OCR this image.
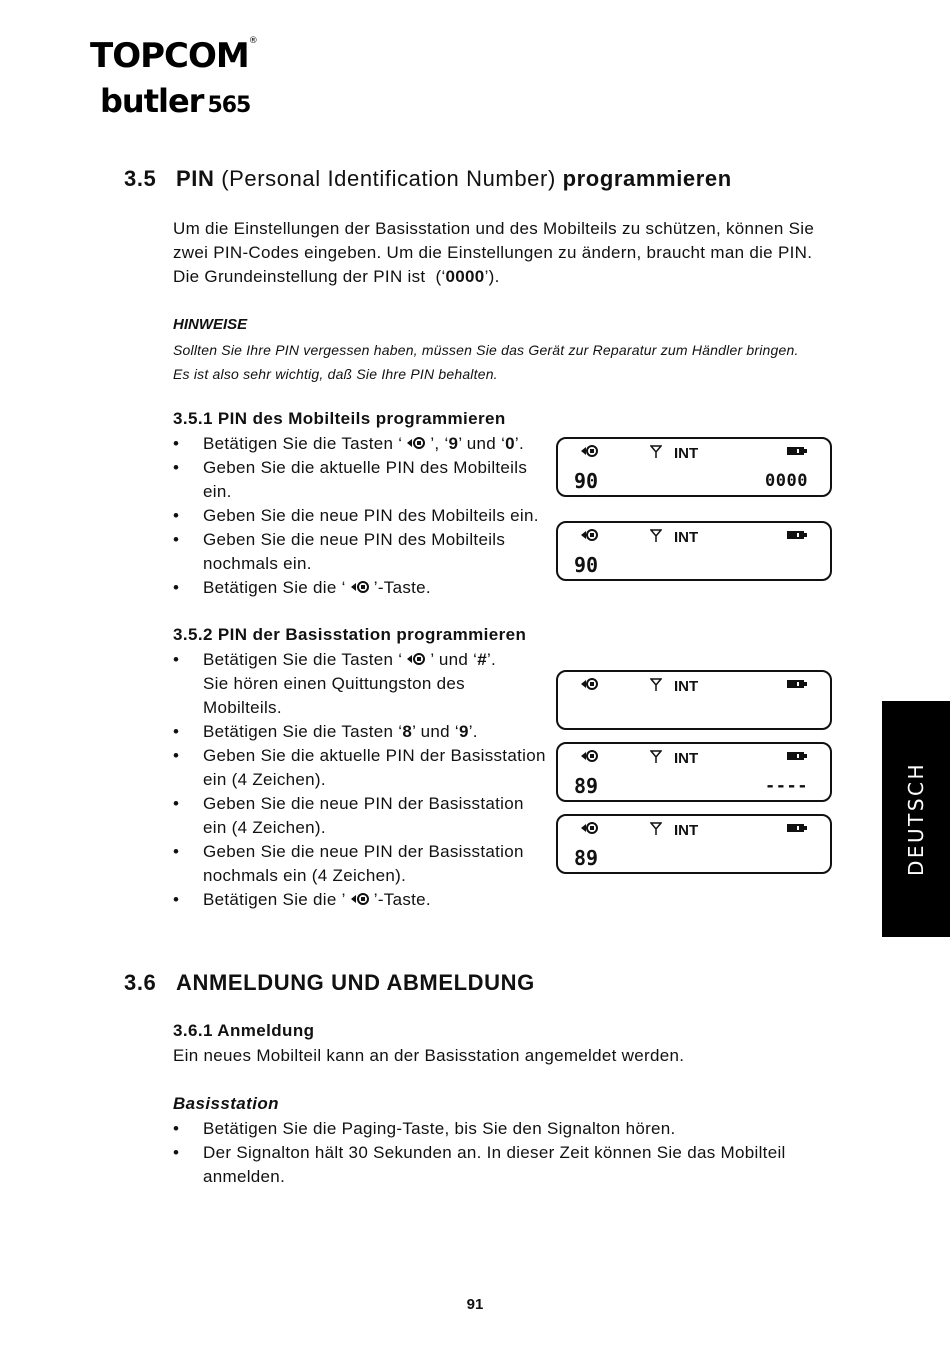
TOPCOM®
butler 565
3.5 PIN (Personal Identification Number) programmieren
Um die Einstellungen der Basisstation und des Mobilteils zu schützen, können Sie
zwei PIN-Codes eingeben. Um die Einstellungen zu ändern, braucht man die PIN.
Die Grundeinstellung der PIN ist  (‘0000’).
HINWEISE
Sollten Sie Ihre PIN vergessen haben, müssen Sie das Gerät zur Reparatur zum Händler bringen.
Es ist also sehr wichtig, daß Sie Ihre PIN behalten.
3.5.1 PIN des Mobilteils programmieren
• Betätigen Sie die Tasten ‘ ’, ‘9’ und ‘0’.
• Geben Sie die aktuelle PIN des Mobilteils
ein.
• Geben Sie die neue PIN des Mobilteils ein.
• Geben Sie die neue PIN des Mobilteils
nochmals ein.
• Betätigen Sie die ‘ ’-Taste.
3.5.2 PIN der Basisstation programmieren
• Betätigen Sie die Tasten ‘ ’ und ‘#’.
Sie hören einen Quittungston des
Mobilteils.
• Betätigen Sie die Tasten ‘8’ und ‘9’.
• Geben Sie die aktuelle PIN der Basisstation
ein (4 Zeichen).
• Geben Sie die neue PIN der Basisstation
ein (4 Zeichen).
• Geben Sie die neue PIN der Basisstation
nochmals ein (4 Zeichen).
• Betätigen Sie die ’ ’-Taste.
INT
90	0000
INT
90
INT
INT
89	----
INT
89
3.6 ANMELDUNG UND ABMELDUNG
3.6.1 Anmeldung
Ein neues Mobilteil kann an der Basisstation angemeldet werden.
Basisstation
• Betätigen Sie die Paging-Taste, bis Sie den Signalton hören.
• Der Signalton hält 30 Sekunden an. In dieser Zeit können Sie das Mobilteil
anmelden.
DEUTSCH
91
